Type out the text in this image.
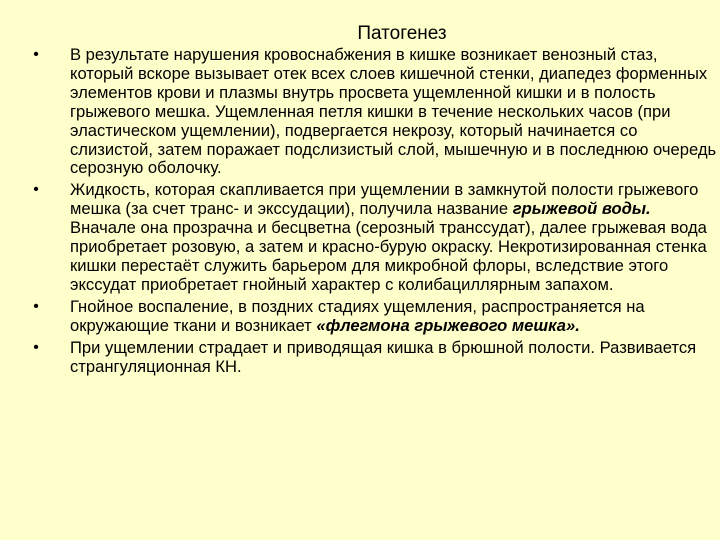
Патогенез
• В результате нарушения кровоснабжения в кишке возникает венозный стаз, который вскоре вызывает отек всех слоев кишечной стенки, диапедез форменных элементов крови и плазмы внутрь просвета ущемленной кишки и в полость грыжевого мешка. Ущемленная петля кишки в течение нескольких часов (при эластическом ущемлении), подвергается некрозу, который начинается со слизистой, затем поражает подслизистый слой, мышечную и в последнюю очередь серозную оболочку.
• Жидкость, которая скапливается при ущемлении в замкнутой полости грыжевого мешка (за счет транс- и экссудации), получила название грыжевой воды. Вначале она прозрачна и бесцветна (серозный транссудат), далее грыжевая вода приобретает розовую, а затем и красно-бурую окраску. Некротизированная стенка кишки перестаёт служить барьером для микробной флоры, вследствие этого экссудат приобретает гнойный характер с колибациллярным запахом.
• Гнойное воспаление, в поздних стадиях ущемления, распространяется на окружающие ткани и возникает «флегмона грыжевого мешка».
• При ущемлении страдает и приводящая кишка в брюшной полости. Развивается странгуляционная КН.
